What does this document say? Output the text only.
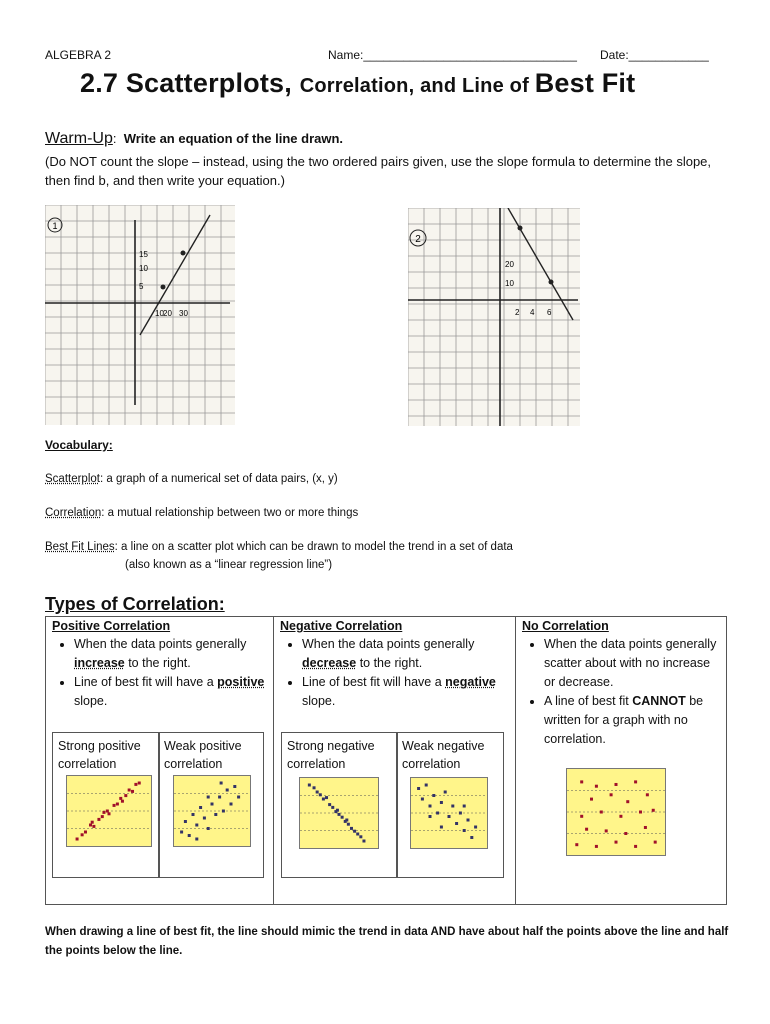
ALGEBRA 2	Name:________________________________ Date:____________
2.7 Scatterplots, Correlation, and Line of Best Fit
Warm-Up: Write an equation of the line drawn.
(Do NOT count the slope – instead, using the two ordered pairs given, use the slope formula to determine the slope, then find b, and then write your equation.)
1
15
10
5
10 20 30
2
20
10
2 4 6
Vocabulary:
Scatterplot: a graph of a numerical set of data pairs, (x, y)
Correlation: a mutual relationship between two or more things
Best Fit Lines: a line on a scatter plot which can be drawn to model the trend in a set of data
(also known as a “linear regression line”)
Types of Correlation:
Positive Correlation
• When the data points generally increase to the right.
• Line of best fit will have a positive slope.

Negative Correlation
• When the data points generally decrease to the right.
• Line of best fit will have a negative slope.

No Correlation
• When the data points generally scatter about with no increase or decrease.
• A line of best fit CANNOT be written for a graph with no correlation.
Strong positive correlation
Weak positive correlation
Strong negative correlation
Weak negative correlation
When drawing a line of best fit, the line should mimic the trend in data AND have about half the points above the line and half the points below the line.
